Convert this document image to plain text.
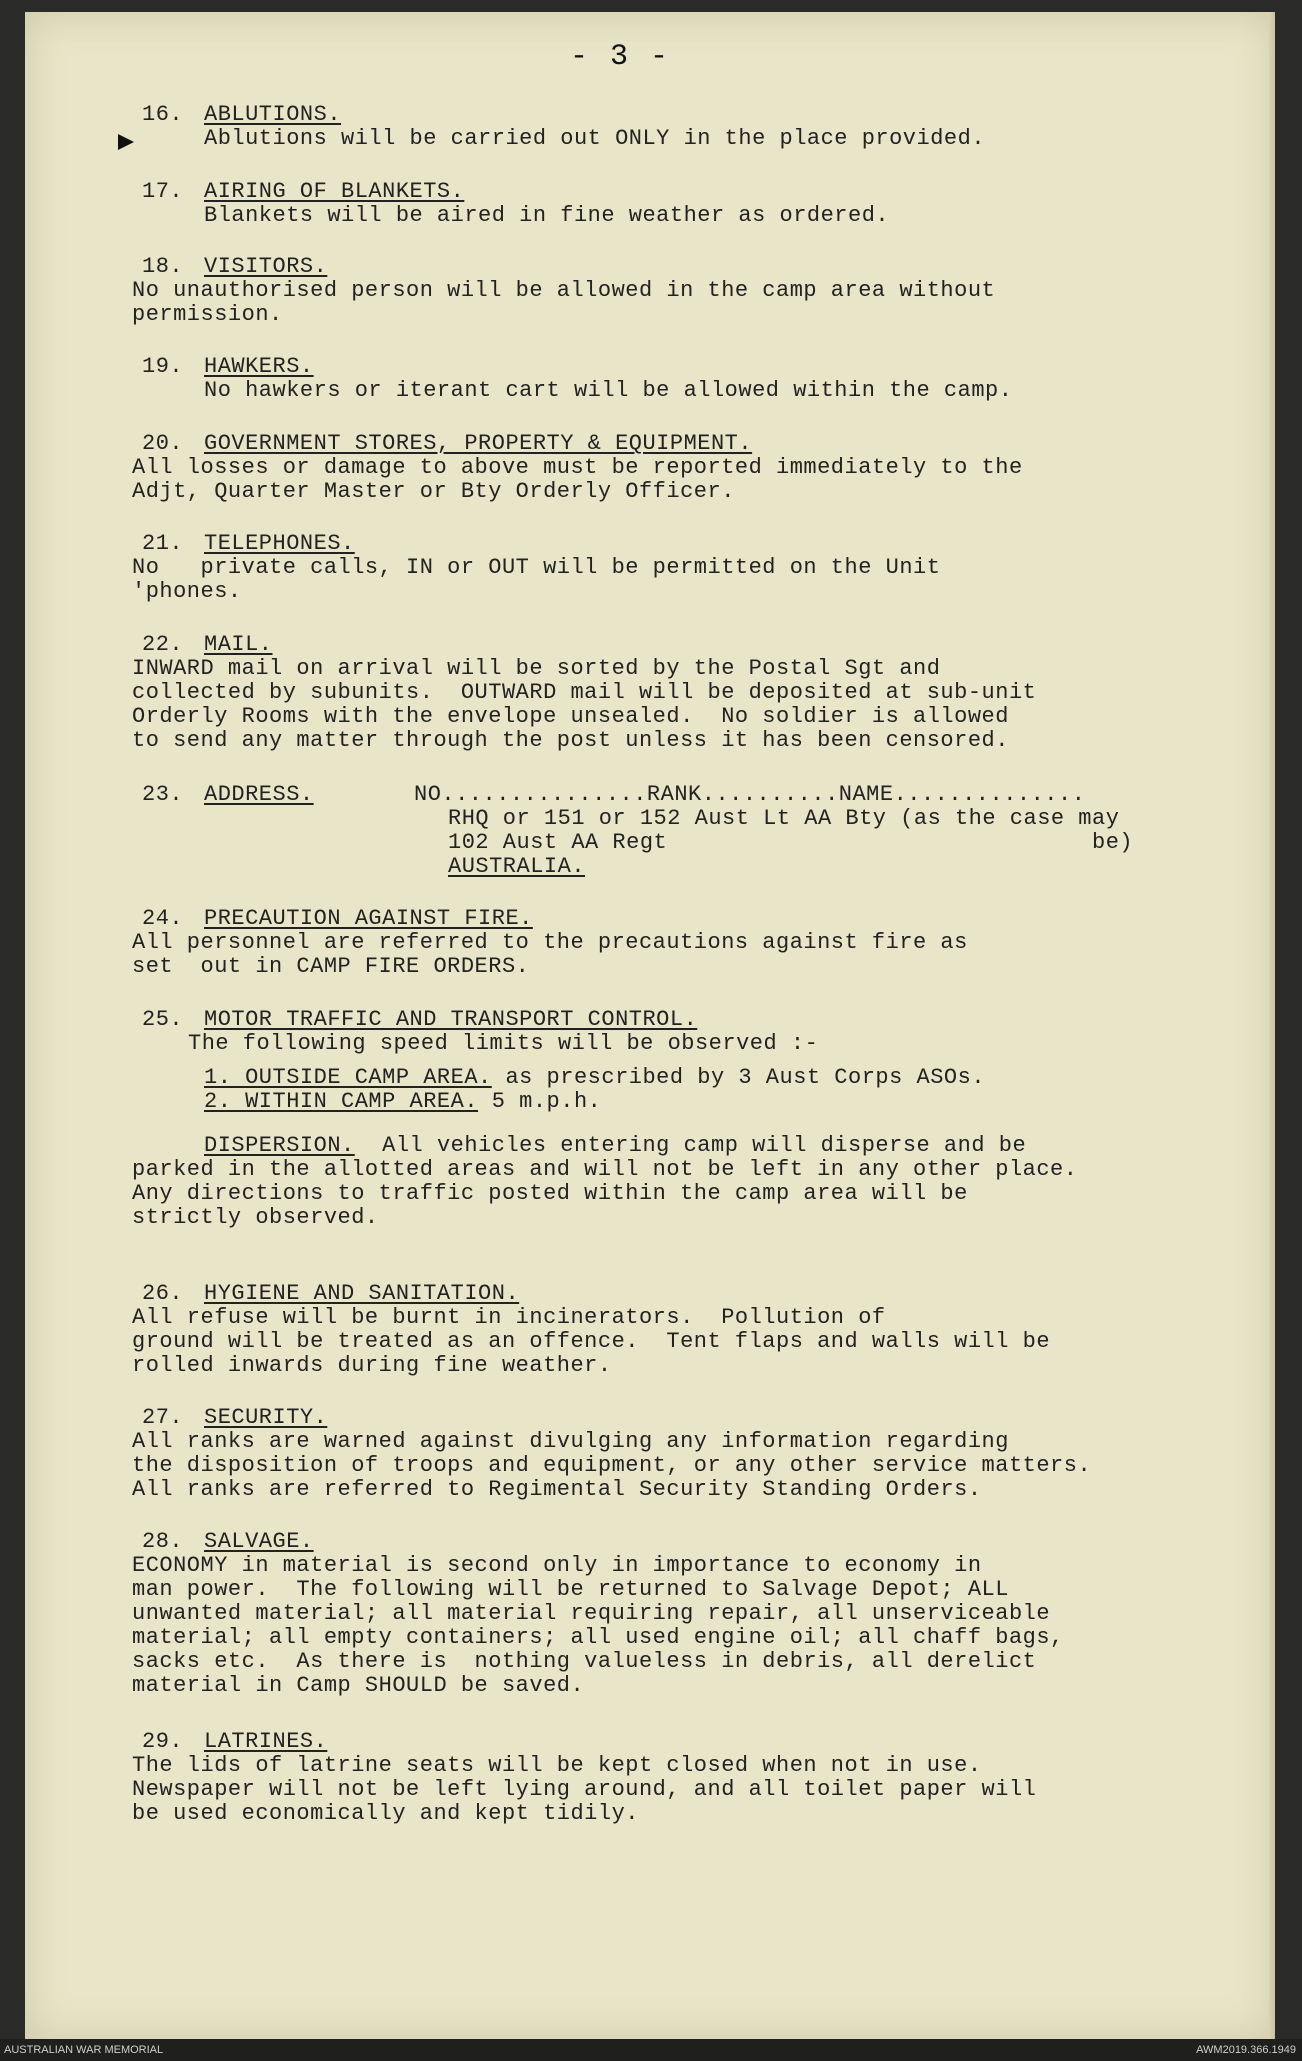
- 3 -
16. ABLUTIONS.
Ablutions will be carried out ONLY in the place provided.
17. AIRING OF BLANKETS.
Blankets will be aired in fine weather as ordered.
18. VISITORS.
No unauthorised person will be allowed in the camp area without
permission.
19. HAWKERS.
No hawkers or iterant cart will be allowed within the camp.
20. GOVERNMENT STORES, PROPERTY & EQUIPMENT.
All losses or damage to above must be reported immediately to the
Adjt, Quarter Master or Bty Orderly Officer.
21. TELEPHONES.
No   private calls, IN or OUT will be permitted on the Unit
'phones.
22. MAIL.
INWARD mail on arrival will be sorted by the Postal Sgt and
collected by subunits.  OUTWARD mail will be deposited at sub-unit
Orderly Rooms with the envelope unsealed.  No soldier is allowed
to send any matter through the post unless it has been censored.
23. ADDRESS.	NO...............RANK..........NAME..............
RHQ or 151 or 152 Aust Lt AA Bty (as the case may
102 Aust AA Regt                               be)
AUSTRALIA.
24. PRECAUTION AGAINST FIRE.
All personnel are referred to the precautions against fire as
set  out in CAMP FIRE ORDERS.
25. MOTOR TRAFFIC AND TRANSPORT CONTROL.
The following speed limits will be observed :-
1. OUTSIDE CAMP AREA. as prescribed by 3 Aust Corps ASOs.
2. WITHIN CAMP AREA. 5 m.p.h.
DISPERSION.  All vehicles entering camp will disperse and be
parked in the allotted areas and will not be left in any other place.
Any directions to traffic posted within the camp area will be
strictly observed.
26. HYGIENE AND SANITATION.
All refuse will be burnt in incinerators.  Pollution of
ground will be treated as an offence.  Tent flaps and walls will be
rolled inwards during fine weather.
27. SECURITY.
All ranks are warned against divulging any information regarding
the disposition of troops and equipment, or any other service matters.
All ranks are referred to Regimental Security Standing Orders.
28. SALVAGE.
ECONOMY in material is second only in importance to economy in
man power.  The following will be returned to Salvage Depot; ALL
unwanted material; all material requiring repair, all unserviceable
material; all empty containers; all used engine oil; all chaff bags,
sacks etc.  As there is  nothing valueless in debris, all derelict
material in Camp SHOULD be saved.
29. LATRINES.
The lids of latrine seats will be kept closed when not in use.
Newspaper will not be left lying around, and all toilet paper will
be used economically and kept tidily.
AUSTRALIAN WAR MEMORIAL	AWM2019.366.1949
